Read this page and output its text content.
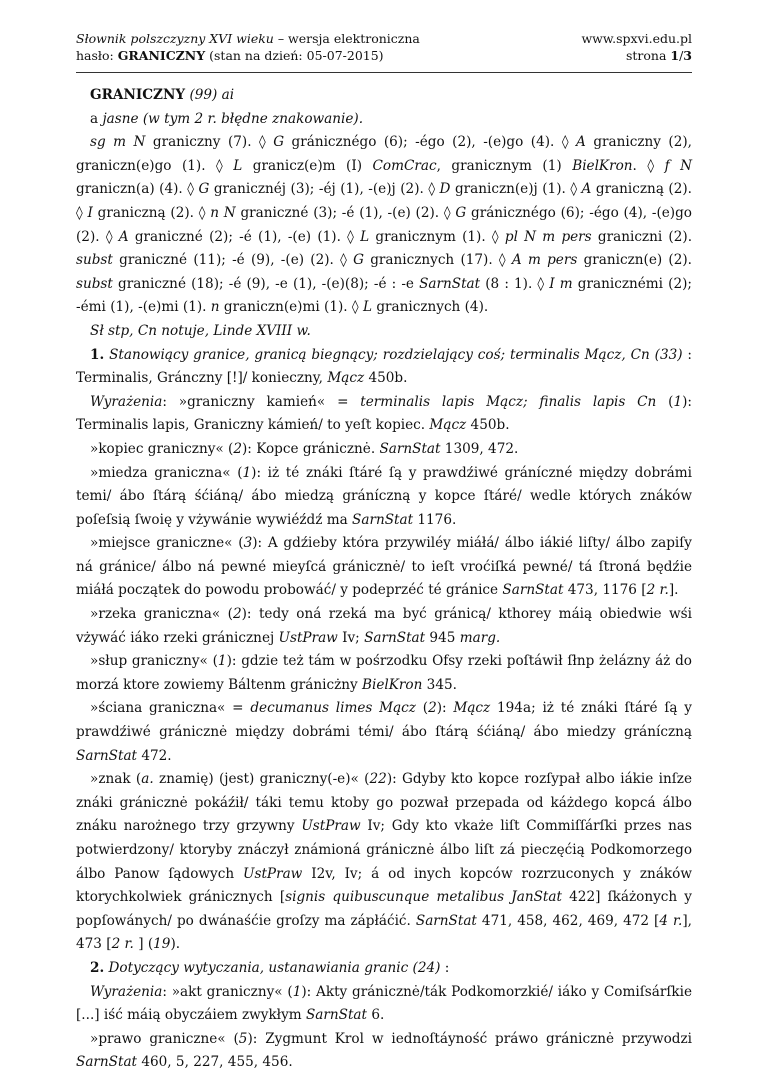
Słownik polszczyzny XVI wieku – wersja elektroniczna
hasło: GRANICZNY (stan na dzień: 05-07-2015)
www.spxvi.edu.pl
strona 1/3

GRANICZNY (99) ai

a jasne (w tym 2 r. błędne znakowanie).

sg m N graniczny (7). ◊ G gránicznégo (6); -égo (2), -(e)go (4). ◊ A graniczny (2), graniczn(e)go (1). ◊ L granicz(e)m (I) ComCrac, granicznym (1) BielKron. ◊ f N graniczn(a) (4). ◊ G granicznéj (3); -éj (1), -(e)j (2). ◊ D graniczn(e)j (1). ◊ A graniczną (2). ◊ I graniczną (2). ◊ n N graniczné (3); -é (1), -(e) (2). ◊ G gránicznégo (6); -égo (4), -(e)go (2). ◊ A graniczné (2); -é (1), -(e) (1). ◊ L granicznym (1). ◊ pl N m pers graniczni (2). subst graniczné (11); -é (9), -(e) (2). ◊ G granicznych (17). ◊ A m pers graniczn(e) (2). subst graniczné (18); -é (9), -e (1), -(e)(8); -é : -e SarnStat (8 : 1). ◊ I m granicznémi (2); -émi (1), -(e)mi (1). n graniczn(e)mi (1). ◊ L granicznych (4).

Sł stp, Cn notuje, Linde XVIII w.

1. Stanowiący granice, granicą biegnący; rozdzielający coś; terminalis Mącz, Cn (33) : Terminalis, Gránczny [!]/ konieczny, Mącz 450b.

Wyrażenia: »graniczny kamień« = terminalis lapis Mącz; finalis lapis Cn (1): Terminalis lapis, Graniczny kámień/ to yeſt kopiec. Mącz 450b.

»kopiec graniczny« (2): Kopce gránicznė. SarnStat 1309, 472.

»miedza graniczna« (1): iż té znáki ſtáré ſą y prawdźiwé gráníczné między dobrámi temi/ ábo ſtárą śćiáną/ ábo miedzą gráníczną y kopce ſtáré/ wedle których znáków poſeſsią ſwoię y vżywánie wywiéźdź ma SarnStat 1176.

»miejsce graniczne« (3): A gdźieby która przywiléy miáłá/ álbo iákié liſty/ álbo zapiſy ná gránice/ álbo ná pewné mieyſcá gránicznė/ to ieſt vroćiſká pewné/ tá ſtroná będźie miáłá początek do powodu probowáć/ y podeprzéć té gránice SarnStat 473, 1176 [2 r.].

»rzeka graniczna« (2): tedy oná rzeká ma być gránicą/ kthorey máią obiedwie wśi vżywáć iáko rzeki gránicznej UstPraw Iv; SarnStat 945 marg.

»słup graniczny« (1): gdzie też tám w pośrzodku Ofsy rzeki poſtáwił ſłnp żelázny áż do morzá ktore zowiemy Báltenm gránicżny BielKron 345.

»ściana graniczna« = decumanus limes Mącz (2): Mącz 194a; iż té znáki ſtáré ſą y prawdźiwé gránicznė między dobrámi témi/ ábo ſtárą śćiáną/ ábo miedzy gráníczną SarnStat 472.

»znak (a. znamię) (jest) graniczny(-e)« (22): Gdyby kto kopce rozſypał albo iákie inſze znáki gránicznė pokáźił/ táki temu ktoby go pozwał przepada od káżdego kopcá álbo znáku narożnego trzy grzywny UstPraw Iv; Gdy kto vkaże liſt Commiſſárſki przes nas potwierdzony/ ktoryby znáczył známioná gránicznė álbo liſt zá pieczęćią Podkomorzego álbo Panow ſądowych UstPraw I2v, Iv; á od inych kopców rozrzuconych y znáków ktorychkolwiek gránicznych [signis quibuscunque metalibus JanStat 422] ſkáżonych y popſowánych/ po dwánaśćie groſzy ma zápłáćić. SarnStat 471, 458, 462, 469, 472 [4 r.], 473 [2 r. ] (19).

2. Dotyczący wytyczania, ustanawiania granic (24) :

Wyrażenia: »akt graniczny« (1): Akty gránicznė/ták Podkomorzkié/ iáko y Comiſsárſkie [...] iść máią obyczáiem zwykłym SarnStat 6.

»prawo graniczne« (5): Zygmunt Krol w iednoſtáyność práwo gránicznė przywodzi SarnStat 460, 5, 227, 455, 456.
